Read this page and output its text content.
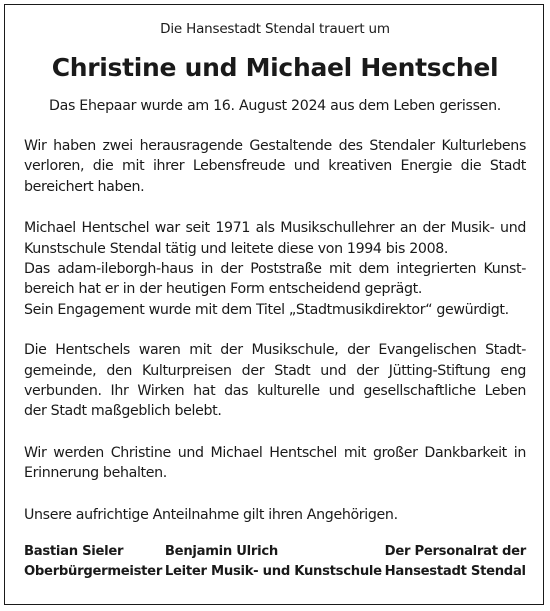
Die Hansestadt Stendal trauert um

Christine und Michael Hentschel

Das Ehepaar wurde am 16. August 2024 aus dem Leben gerissen.

Wir haben zwei herausragende Gestaltende des Stendaler Kulturlebens
verloren, die mit ihrer Lebensfreude und kreativen Energie die Stadt
bereichert haben.

Michael Hentschel war seit 1971 als Musikschullehrer an der Musik- und
Kunstschule Stendal tätig und leitete diese von 1994 bis 2008.
Das adam-ileborgh-haus in der Poststraße mit dem integrierten Kunst-
bereich hat er in der heutigen Form entscheidend geprägt.
Sein Engagement wurde mit dem Titel „Stadtmusikdirektor“ gewürdigt.

Die Hentschels waren mit der Musikschule, der Evangelischen Stadt-
gemeinde, den Kulturpreisen der Stadt und der Jütting-Stiftung eng
verbunden. Ihr Wirken hat das kulturelle und gesellschaftliche Leben
der Stadt maßgeblich belebt.

Wir werden Christine und Michael Hentschel mit großer Dankbarkeit in
Erinnerung behalten.

Unsere aufrichtige Anteilnahme gilt ihren Angehörigen.

Bastian Sieler
Oberbürgermeister
Benjamin Ulrich
Leiter Musik- und Kunstschule
Der Personalrat der
Hansestadt Stendal
